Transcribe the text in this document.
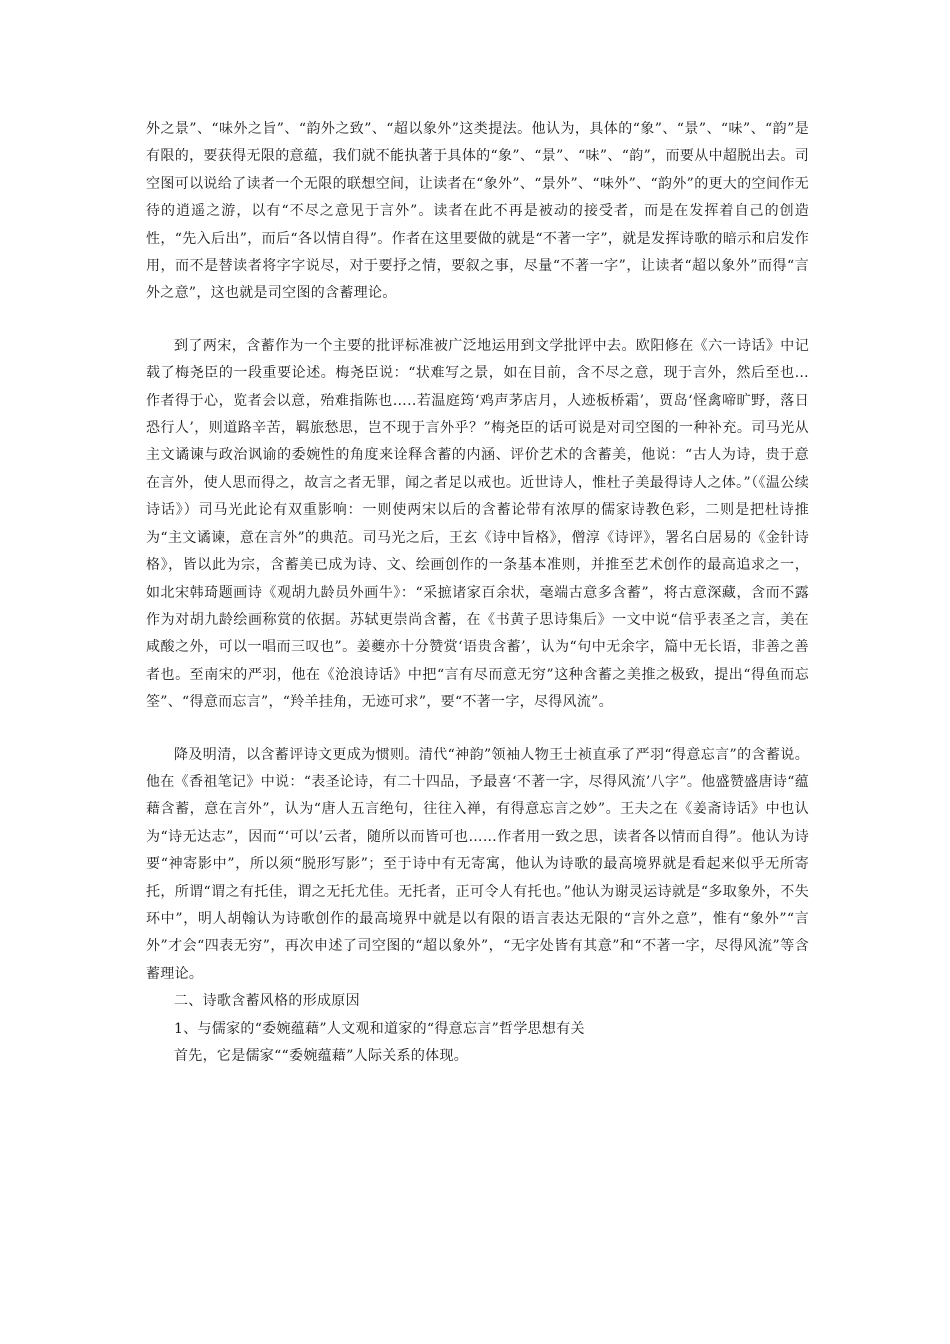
外之景”、“味外之旨”、“韵外之致”、“超以象外”这类提法。他认为，具体的“象”、“景”、“味”、“韵”是有限的，要获得无限的意蕴，我们就不能执著于具体的“象”、“景”、“味”、“韵”，而要从中超脱出去。司空图可以说给了读者一个无限的联想空间，让读者在“象外”、“景外”、“味外”、“韵外”的更大的空间作无待的逍遥之游，以有“不尽之意见于言外”。读者在此不再是被动的接受者，而是在发挥着自己的创造性，“先入后出”，而后“各以情自得”。作者在这里要做的就是“不著一字”，就是发挥诗歌的暗示和启发作用，而不是替读者将字字说尽，对于要抒之情，要叙之事，尽量“不著一字”，让读者“超以象外”而得“言外之意”，这也就是司空图的含蓄理论。

到了两宋，含蓄作为一个主要的批评标准被广泛地运用到文学批评中去。欧阳修在《六一诗话》中记载了梅尧臣的一段重要论述。梅尧臣说：“状难写之景，如在目前，含不尽之意，现于言外，然后至也…作者得于心，览者会以意，殆难指陈也…..若温庭筠‘鸡声茅店月，人迹板桥霜’，贾岛‘怪禽啼旷野，落日恐行人’，则道路辛苦，羁旅愁思，岂不现于言外乎？”梅尧臣的话可说是对司空图的一种补充。司马光从主文谲谏与政治讽谕的委婉性的角度来诠释含蓄的内涵、评价艺术的含蓄美，他说：“古人为诗，贵于意在言外，使人思而得之，故言之者无罪，闻之者足以戒也。近世诗人，惟杜子美最得诗人之体。”（《温公续诗话》）司马光此论有双重影响：一则使两宋以后的含蓄论带有浓厚的儒家诗教色彩，二则是把杜诗推为“主文谲谏，意在言外”的典范。司马光之后，王玄《诗中旨格》，僧淳《诗评》，署名白居易的《金针诗格》，皆以此为宗，含蓄美已成为诗、文、绘画创作的一条基本准则，并推至艺术创作的最高追求之一，如北宋韩琦题画诗《观胡九龄员外画牛》：“采摭诸家百余状，毫端古意多含蓄”，将古意深藏，含而不露作为对胡九龄绘画称赏的依据。苏轼更崇尚含蓄，在《书黄子思诗集后》一文中说“信乎表圣之言，美在咸酸之外，可以一唱而三叹也”。姜夔亦十分赞赏‘语贵含蓄’，认为“句中无余字，篇中无长语，非善之善者也。至南宋的严羽，他在《沧浪诗话》中把“言有尽而意无穷”这种含蓄之美推之极致，提出“得鱼而忘筌”、“得意而忘言”，“羚羊挂角，无迹可求”，要“不著一字，尽得风流”。

降及明清，以含蓄评诗文更成为惯则。清代“神韵”领袖人物王士祯直承了严羽“得意忘言”的含蓄说。他在《香祖笔记》中说：“表圣论诗，有二十四品，予最喜‘不著一字，尽得风流’八字”。他盛赞盛唐诗“蕴藉含蓄，意在言外”，认为“唐人五言绝句，往往入禅，有得意忘言之妙”。王夫之在《姜斋诗话》中也认为“诗无达志”，因而“‘可以’云者，随所以而皆可也……作者用一致之思，读者各以情而自得”。他认为诗要“神寄影中”，所以须“脱形写影”；至于诗中有无寄寓，他认为诗歌的最高境界就是看起来似乎无所寄托，所谓“谓之有托佳，谓之无托尤佳。无托者，正可令人有托也。”他认为谢灵运诗就是“多取象外，不失环中”，明人胡翰认为诗歌创作的最高境界中就是以有限的语言表达无限的“言外之意”，惟有“象外”“言外”才会“四表无穷”，再次申述了司空图的“超以象外”，“无字处皆有其意”和“不著一字，尽得风流”等含蓄理论。

二、诗歌含蓄风格的形成原因

1、与儒家的“委婉蕴藉”人文观和道家的“得意忘言”哲学思想有关

首先，它是儒家““委婉蕴藉”人际关系的体现。
